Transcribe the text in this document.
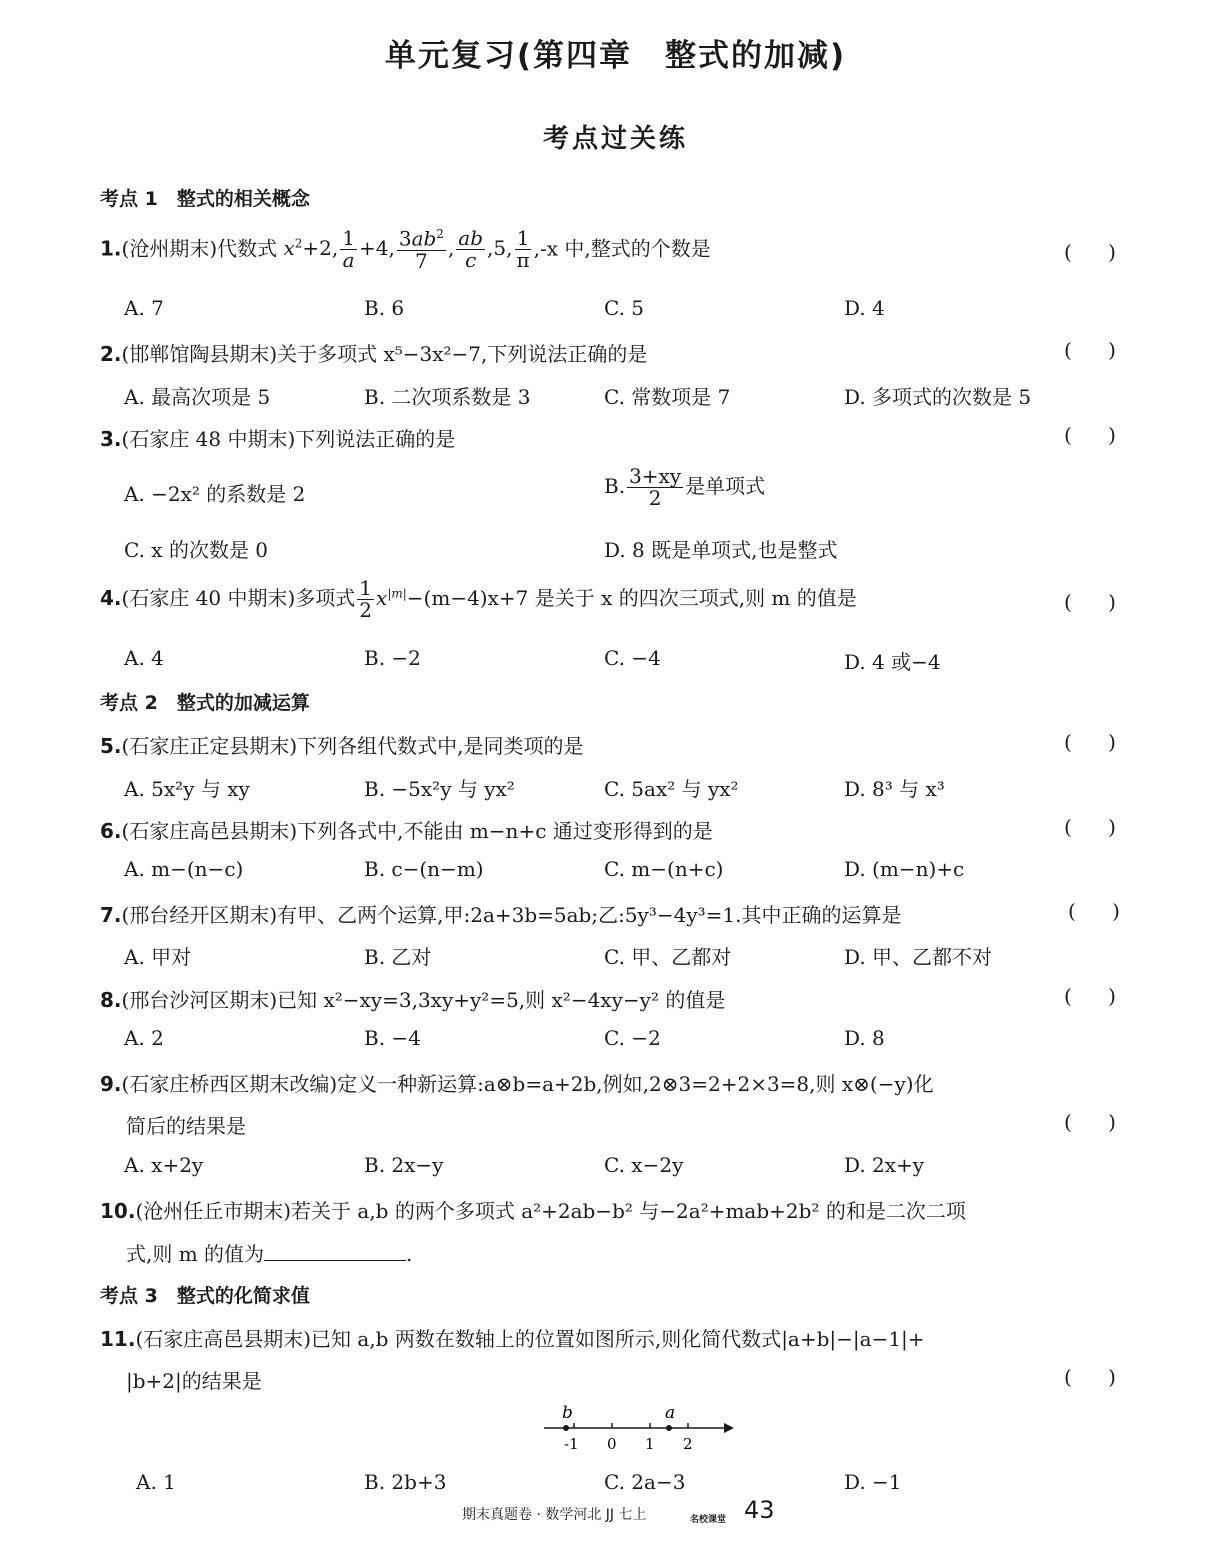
单元复习(第四章　整式的加减)
考点过关练
考点 1　整式的相关概念
1.(沧州期末)代数式 $x^2+2$, $\frac{1}{a} +4$, $\frac{3ab^2}{7}$ , $\frac{ab}{c} ,5$, $\frac{1}{\pi} ,-x$ 中,整式的个数是	( )
A. 7	B. 6	C. 5	D. 4
2.(邯郸馆陶县期末)关于多项式 x⁵−3x²−7,下列说法正确的是	( )
A. 最高次项是 5	B. 二次项系数是 3	C. 常数项是 7	D. 多项式的次数是 5
3.(石家庄 48 中期末)下列说法正确的是	( )
A. −2x² 的系数是 2	B. $\frac{3+xy}{2}$ 是单项式
C. x 的次数是 0	D. 8 既是单项式,也是整式
4.(石家庄 40 中期末)多项式 $\frac{1}{2} x^{|m|}-(m-4)x+7$ 是关于 x 的四次三项式,则 m 的值是	( )
A. 4	B. −2	C. −4	D. 4 或−4
考点 2　整式的加减运算
5.(石家庄正定县期末)下列各组代数式中,是同类项的是	( )
A. 5x²y 与 xy	B. −5x²y 与 yx²	C. 5ax² 与 yx²	D. 8³ 与 x³
6.(石家庄高邑县期末)下列各式中,不能由 m−n+c 通过变形得到的是	( )
A. m−(n−c)	B. c−(n−m)	C. m−(n+c)	D. (m−n)+c
7.(邢台经开区期末)有甲、乙两个运算,甲:2a+3b=5ab;乙:5y³−4y³=1.其中正确的运算是	( )
A. 甲对	B. 乙对	C. 甲、乙都对	D. 甲、乙都不对
8.(邢台沙河区期末)已知 x²−xy=3,3xy+y²=5,则 x²−4xy−y² 的值是	( )
A. 2	B. −4	C. −2	D. 8
9.(石家庄桥西区期末改编)定义一种新运算:a⊗b=a+2b,例如,2⊗3=2+2×3=8,则 x⊗(−y)化
简后的结果是	( )
A. x+2y	B. 2x−y	C. x−2y	D. 2x+y
10.(沧州任丘市期末)若关于 a,b 的两个多项式 a²+2ab−b² 与−2a²+mab+2b² 的和是二次二项
式,则 m 的值为	.
考点 3　整式的化简求值
11.(石家庄高邑县期末)已知 a,b 两数在数轴上的位置如图所示,则化简代数式|a+b|−|a−1|+
|b+2|的结果是	( )
b	a
-1 0 1 2
A. 1	B. 2b+3	C. 2a−3	D. −1
期末真题卷 · 数学河北 JJ 七上	名校课堂 43
